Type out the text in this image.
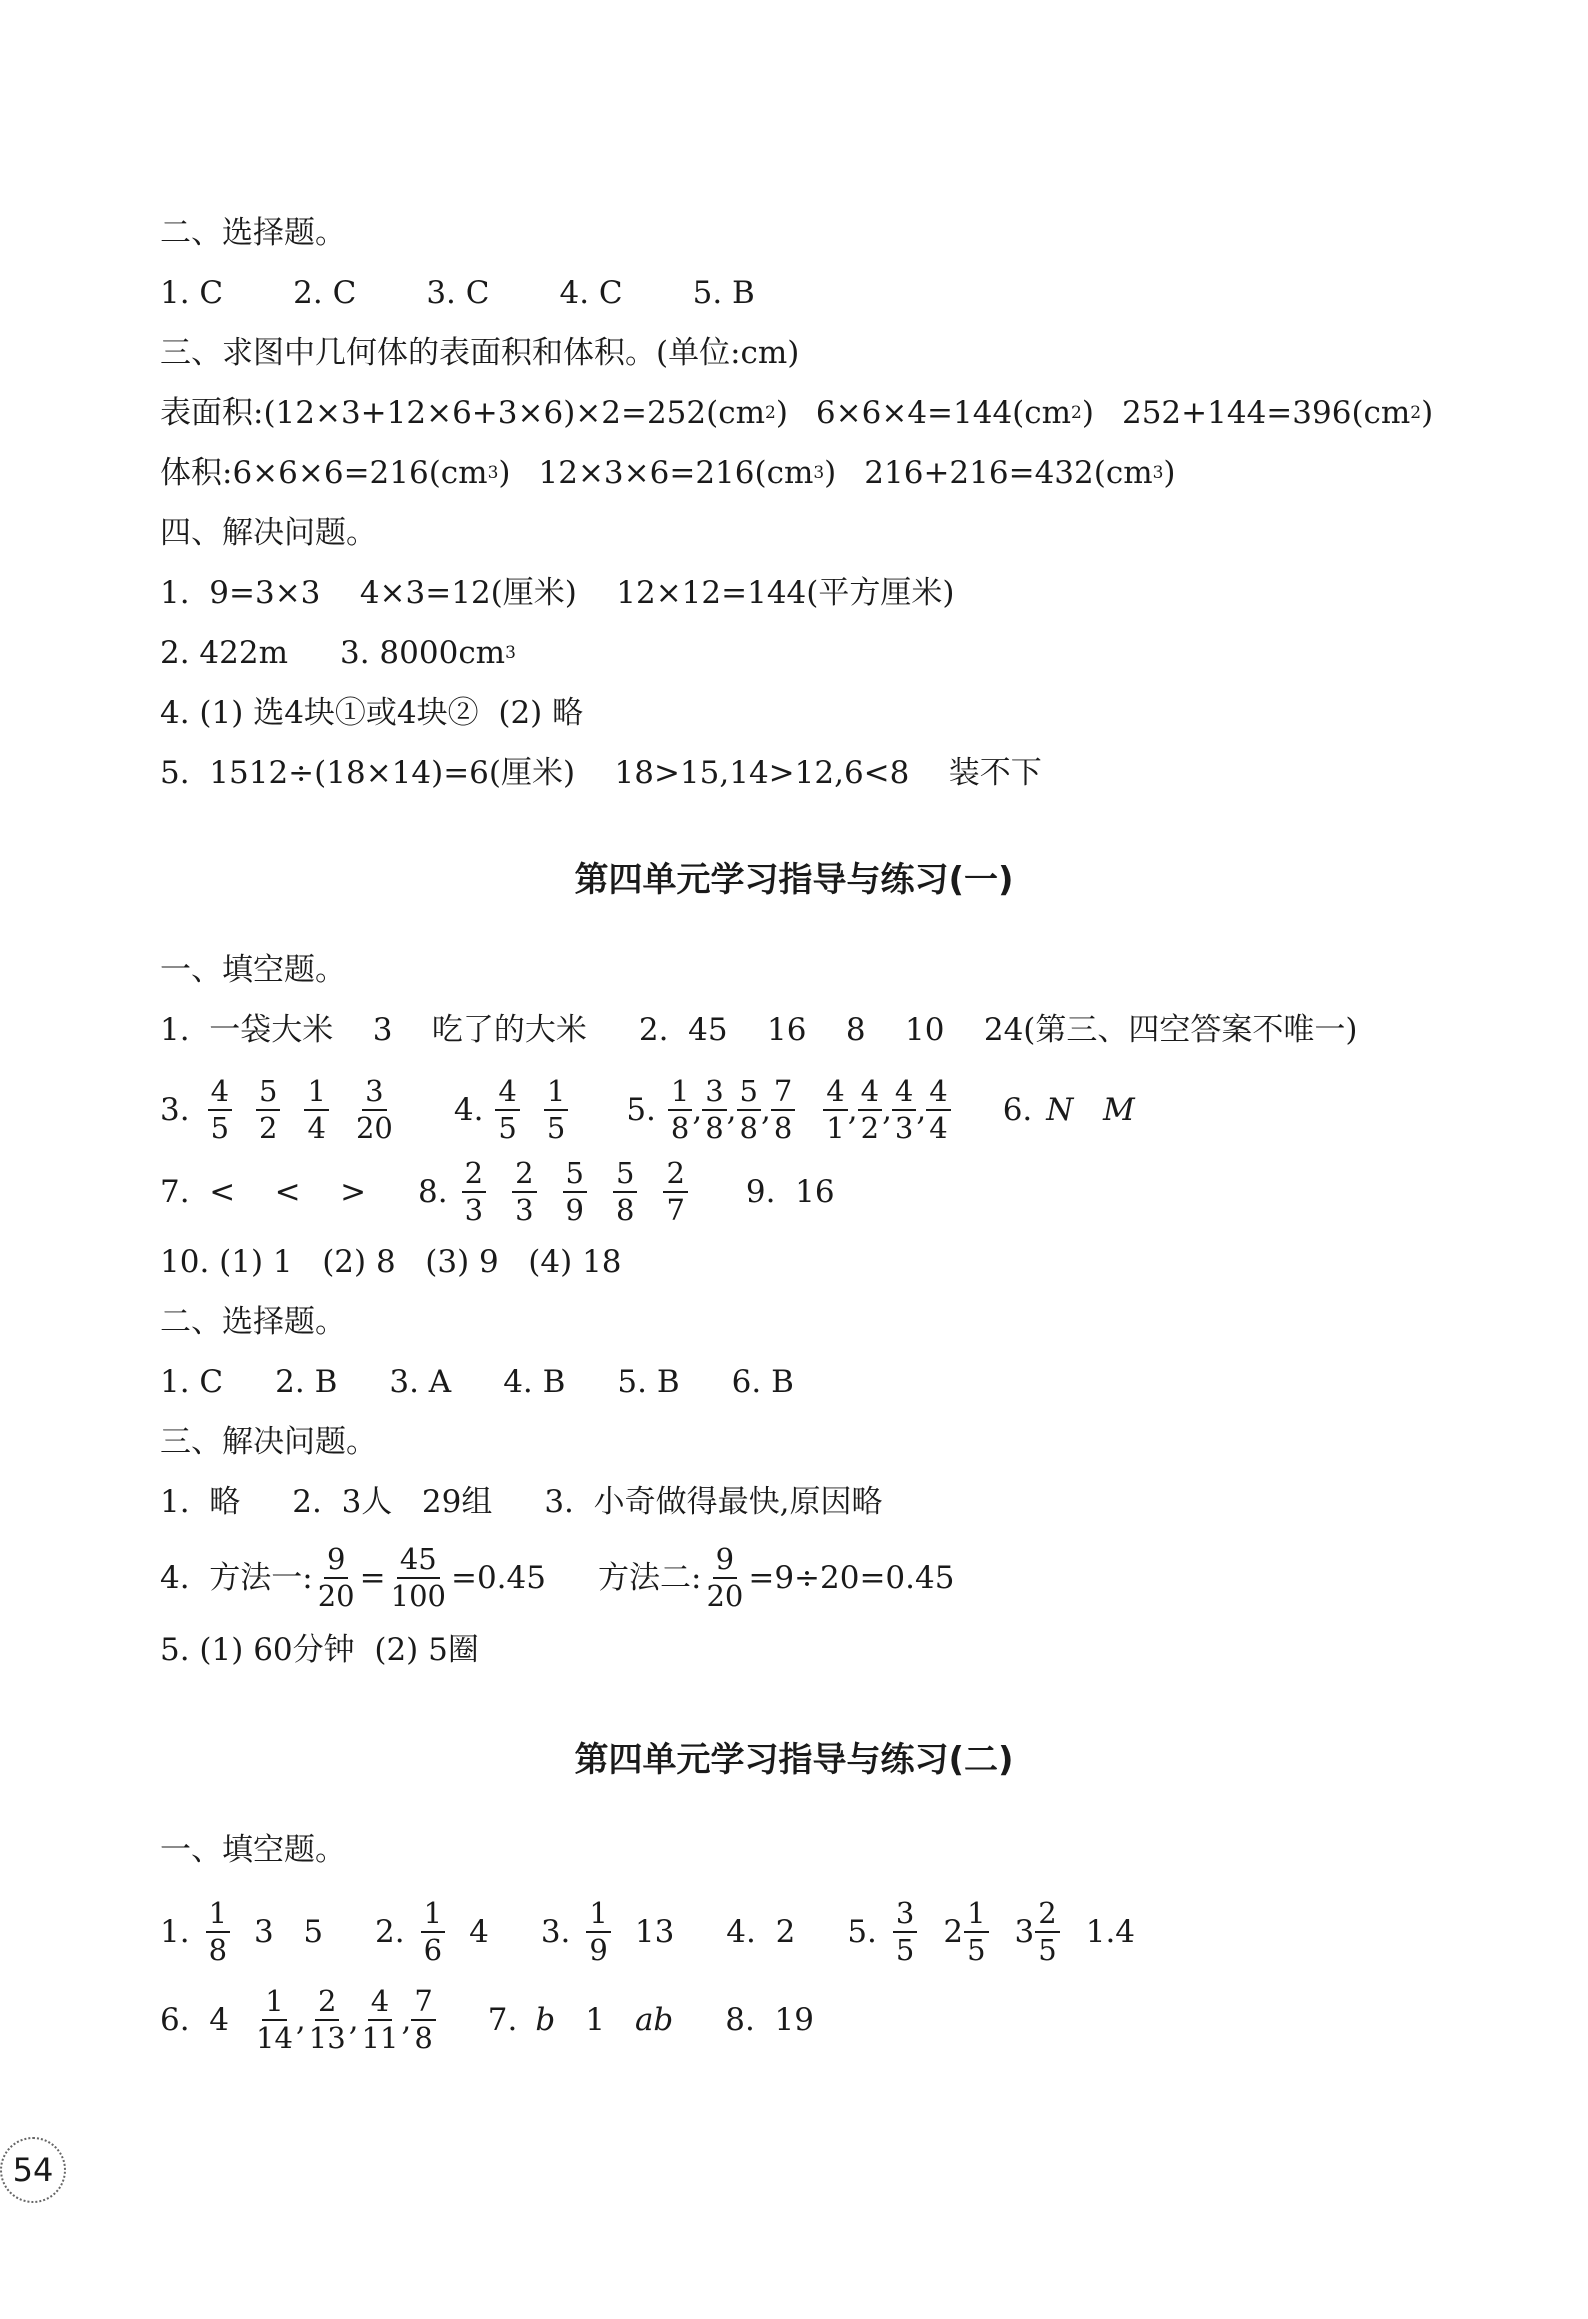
二、选择题。
1. C 2. C 3. C 4. C 5. B
三、求图中几何体的表面积和体积。(单位:cm)
表面积:(12×3+12×6+3×6)×2=252(cm 2 ) 6×6×4=144(cm 2 ) 252+144=396(cm 2 )
体积:6×6×6=216(cm 3 ) 12×3×6=216(cm 3 ) 216+216=432(cm 3 )
四、解决问题。
1.  9=3×3    4×3=12(厘米)    12×12=144(平方厘米)
2. 422m 3. 8000cm 3
4. (1) 选4块①或4块②  (2) 略
5.  1512÷(18×14)=6(厘米)    18>15,14>12,6<8    装不下
第四单元学习指导与练习(一)
一、填空题。
1.  一袋大米    3    吃了的大米 2.  45    16    8    10    24(第三、四空答案不唯一)
3. $\frac{4}{5} \frac{5}{2} \frac{1}{4} \frac{3}{20} 4$. $\frac{4}{5} \frac{1}{5} 5$. $\frac{1}{8}$ , $\frac{3}{8}$ , $\frac{5}{8}$ , $\frac{7}{8} \frac{4}{1}$ , $\frac{4}{2}$ , $\frac{4}{3}$ , $\frac{4}{4} 6$. N   M
7.  <    <    > 8. $\frac{2}{3} \frac{2}{3} \frac{5}{9} \frac{5}{8} \frac{2}{7} 9$.  16
10. (1) 1   (2) 8   (3) 9   (4) 18
二、选择题。
1. C 2. B 3. A 4. B 5. B 6. B
三、解决问题。
1.  略 2.  3人   29组 3.  小奇做得最快,原因略
4.  方法一: $\frac{9}{20} = \frac{45}{100} =0.45$ 方法二: $\frac{9}{20} =9\div 20=0.45$
5. (1) 60分钟  (2) 5圈
第四单元学习指导与练习(二)
一、填空题。
1. $\frac{1}{8} 3$   5 2. $\frac{1}{6} 4$ 3. $\frac{1}{9} 13$ 4.  2 5. $\frac{3}{5} 2 \frac{1}{5} 3 \frac{2}{5} 1.4$
6.  $4 \frac{1}{14}$ , $\frac{2}{13}$ , $\frac{4}{11}$ , $\frac{7}{8} 7$. b 1 ab 8.  19
54
